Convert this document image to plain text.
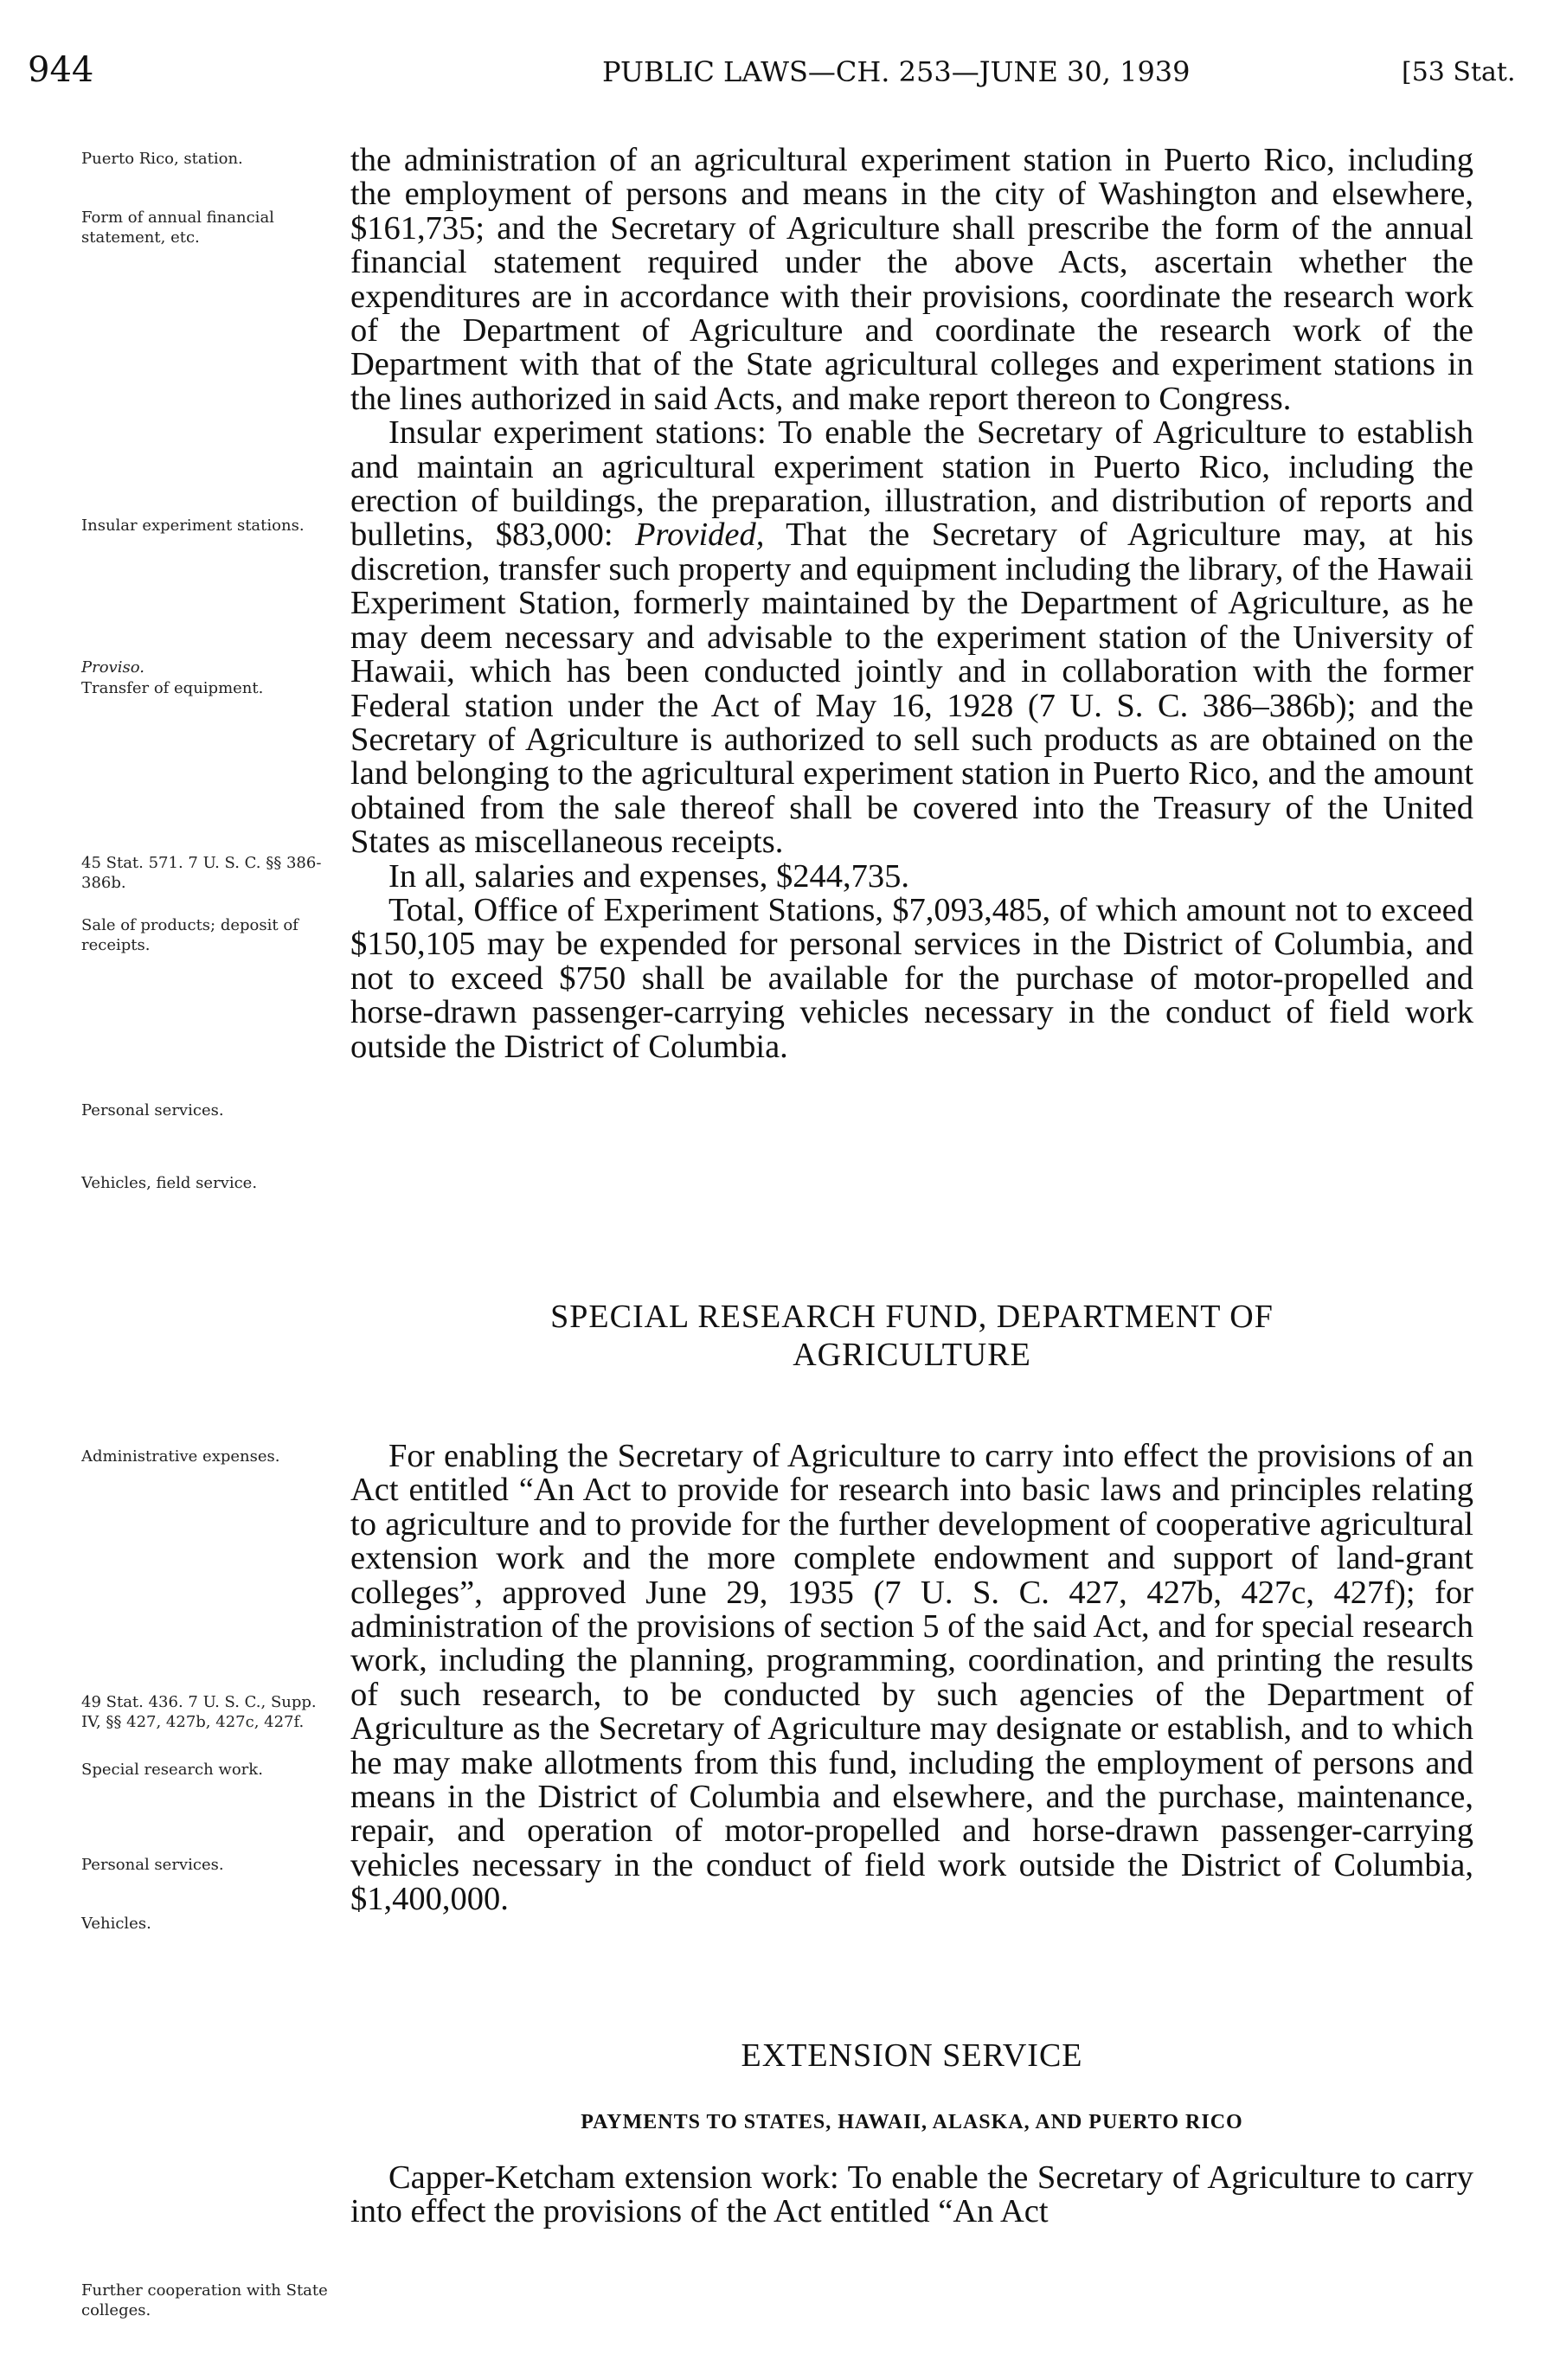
944	PUBLIC LAWS—CH. 253—JUNE 30, 1939	[53 Stat.
Puerto Rico, station.
Form of annual financial statement, etc.
Insular experiment stations.
Proviso.
Transfer of equipment.
45 Stat. 571. 7 U. S. C. §§ 386-386b.
Sale of products; deposit of receipts.
Personal services.
Vehicles, field service.
Administrative expenses.
49 Stat. 436. 7 U. S. C., Supp. IV, §§ 427, 427b, 427c, 427f.
Special research work.
Personal services.
Vehicles.
Further cooperation with State colleges.

the administration of an agricultural experiment station in Puerto Rico, including the employment of persons and means in the city of Washington and elsewhere, $161,735; and the Secretary of Agriculture shall prescribe the form of the annual financial statement required under the above Acts, ascertain whether the expenditures are in accordance with their provisions, coordinate the research work of the Department of Agriculture and coordinate the research work of the Department with that of the State agricultural colleges and experiment stations in the lines authorized in said Acts, and make report thereon to Congress.

Insular experiment stations: To enable the Secretary of Agriculture to establish and maintain an agricultural experiment station in Puerto Rico, including the erection of buildings, the preparation, illustration, and distribution of reports and bulletins, $83,000: Provided, That the Secretary of Agriculture may, at his discretion, transfer such property and equipment including the library, of the Hawaii Experiment Station, formerly maintained by the Department of Agriculture, as he may deem necessary and advisable to the experiment station of the University of Hawaii, which has been conducted jointly and in collaboration with the former Federal station under the Act of May 16, 1928 (7 U. S. C. 386–386b); and the Secretary of Agriculture is authorized to sell such products as are obtained on the land belonging to the agricultural experiment station in Puerto Rico, and the amount obtained from the sale thereof shall be covered into the Treasury of the United States as miscellaneous receipts.

In all, salaries and expenses, $244,735.

Total, Office of Experiment Stations, $7,093,485, of which amount not to exceed $150,105 may be expended for personal services in the District of Columbia, and not to exceed $750 shall be available for the purchase of motor-propelled and horse-drawn passenger-carrying vehicles necessary in the conduct of field work outside the District of Columbia.

SPECIAL RESEARCH FUND, DEPARTMENT OF
AGRICULTURE

For enabling the Secretary of Agriculture to carry into effect the provisions of an Act entitled “An Act to provide for research into basic laws and principles relating to agriculture and to provide for the further development of cooperative agricultural extension work and the more complete endowment and support of land-grant colleges”, approved June 29, 1935 (7 U. S. C. 427, 427b, 427c, 427f); for administration of the provisions of section 5 of the said Act, and for special research work, including the planning, programming, coordination, and printing the results of such research, to be conducted by such agencies of the Department of Agriculture as the Secretary of Agriculture may designate or establish, and to which he may make allotments from this fund, including the employment of persons and means in the District of Columbia and elsewhere, and the purchase, maintenance, repair, and operation of motor-propelled and horse-drawn passenger-carrying vehicles necessary in the conduct of field work outside the District of Columbia, $1,400,000.

EXTENSION SERVICE
PAYMENTS TO STATES, HAWAII, ALASKA, AND PUERTO RICO

Capper-Ketcham extension work: To enable the Secretary of Agriculture to carry into effect the provisions of the Act entitled “An Act
